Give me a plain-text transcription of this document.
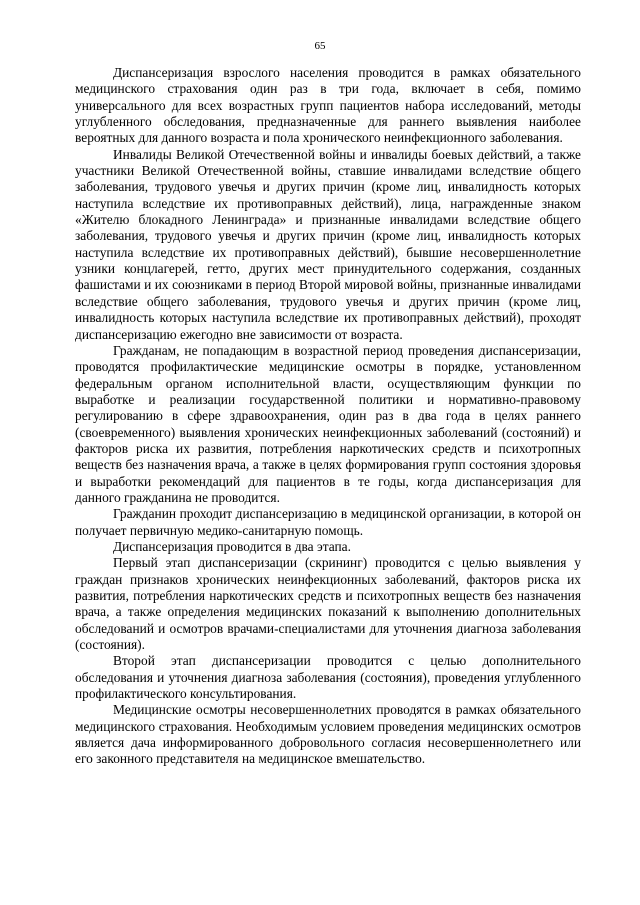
65

Диспансеризация взрослого населения проводится в рамках обязательного медицинского страхования один раз в три года, включает в себя, помимо универсального для всех возрастных групп пациентов набора исследований, методы углубленного обследования, предназначенные для раннего выявления наиболее вероятных для данного возраста и пола хронического неинфекционного заболевания.

Инвалиды Великой Отечественной войны и инвалиды боевых действий, а также участники Великой Отечественной войны, ставшие инвалидами вследствие общего заболевания, трудового увечья и других причин (кроме лиц, инвалидность которых наступила вследствие их противоправных действий), лица, награжденные знаком «Жителю блокадного Ленинграда» и признанные инвалидами вследствие общего заболевания, трудового увечья и других причин (кроме лиц, инвалидность которых наступила вследствие их противоправных действий), бывшие несовершеннолетние узники концлагерей, гетто, других мест принудительного содержания, созданных фашистами и их союзниками в период Второй мировой войны, признанные инвалидами вследствие общего заболевания, трудового увечья и других причин (кроме лиц, инвалидность которых наступила вследствие их противоправных действий), проходят диспансеризацию ежегодно вне зависимости от возраста.

Гражданам, не попадающим в возрастной период проведения диспансеризации, проводятся профилактические медицинские осмотры в порядке, установленном федеральным органом исполнительной власти, осуществляющим функции по выработке и реализации государственной политики и нормативно-правовому регулированию в сфере здравоохранения, один раз в два года в целях раннего (своевременного) выявления хронических неинфекционных заболеваний (состояний) и факторов риска их развития, потребления наркотических средств и психотропных веществ без назначения врача, а также в целях формирования групп состояния здоровья и выработки рекомендаций для пациентов в те годы, когда диспансеризация для данного гражданина не проводится.

Гражданин проходит диспансеризацию в медицинской организации, в которой он получает первичную медико-санитарную помощь.

Диспансеризация проводится в два этапа.

Первый этап диспансеризации (скрининг) проводится с целью выявления у граждан признаков хронических неинфекционных заболеваний, факторов риска их развития, потребления наркотических средств и психотропных веществ без назначения врача, а также определения медицинских показаний к выполнению дополнительных обследований и осмотров врачами-специалистами для уточнения диагноза заболевания (состояния).

Второй этап диспансеризации проводится с целью дополнительного обследования и уточнения диагноза заболевания (состояния), проведения углубленного профилактического консультирования.

Медицинские осмотры несовершеннолетних проводятся в рамках обязательного медицинского страхования. Необходимым условием проведения медицинских осмотров является дача информированного добровольного согласия несовершеннолетнего или его законного представителя на медицинское вмешательство.
